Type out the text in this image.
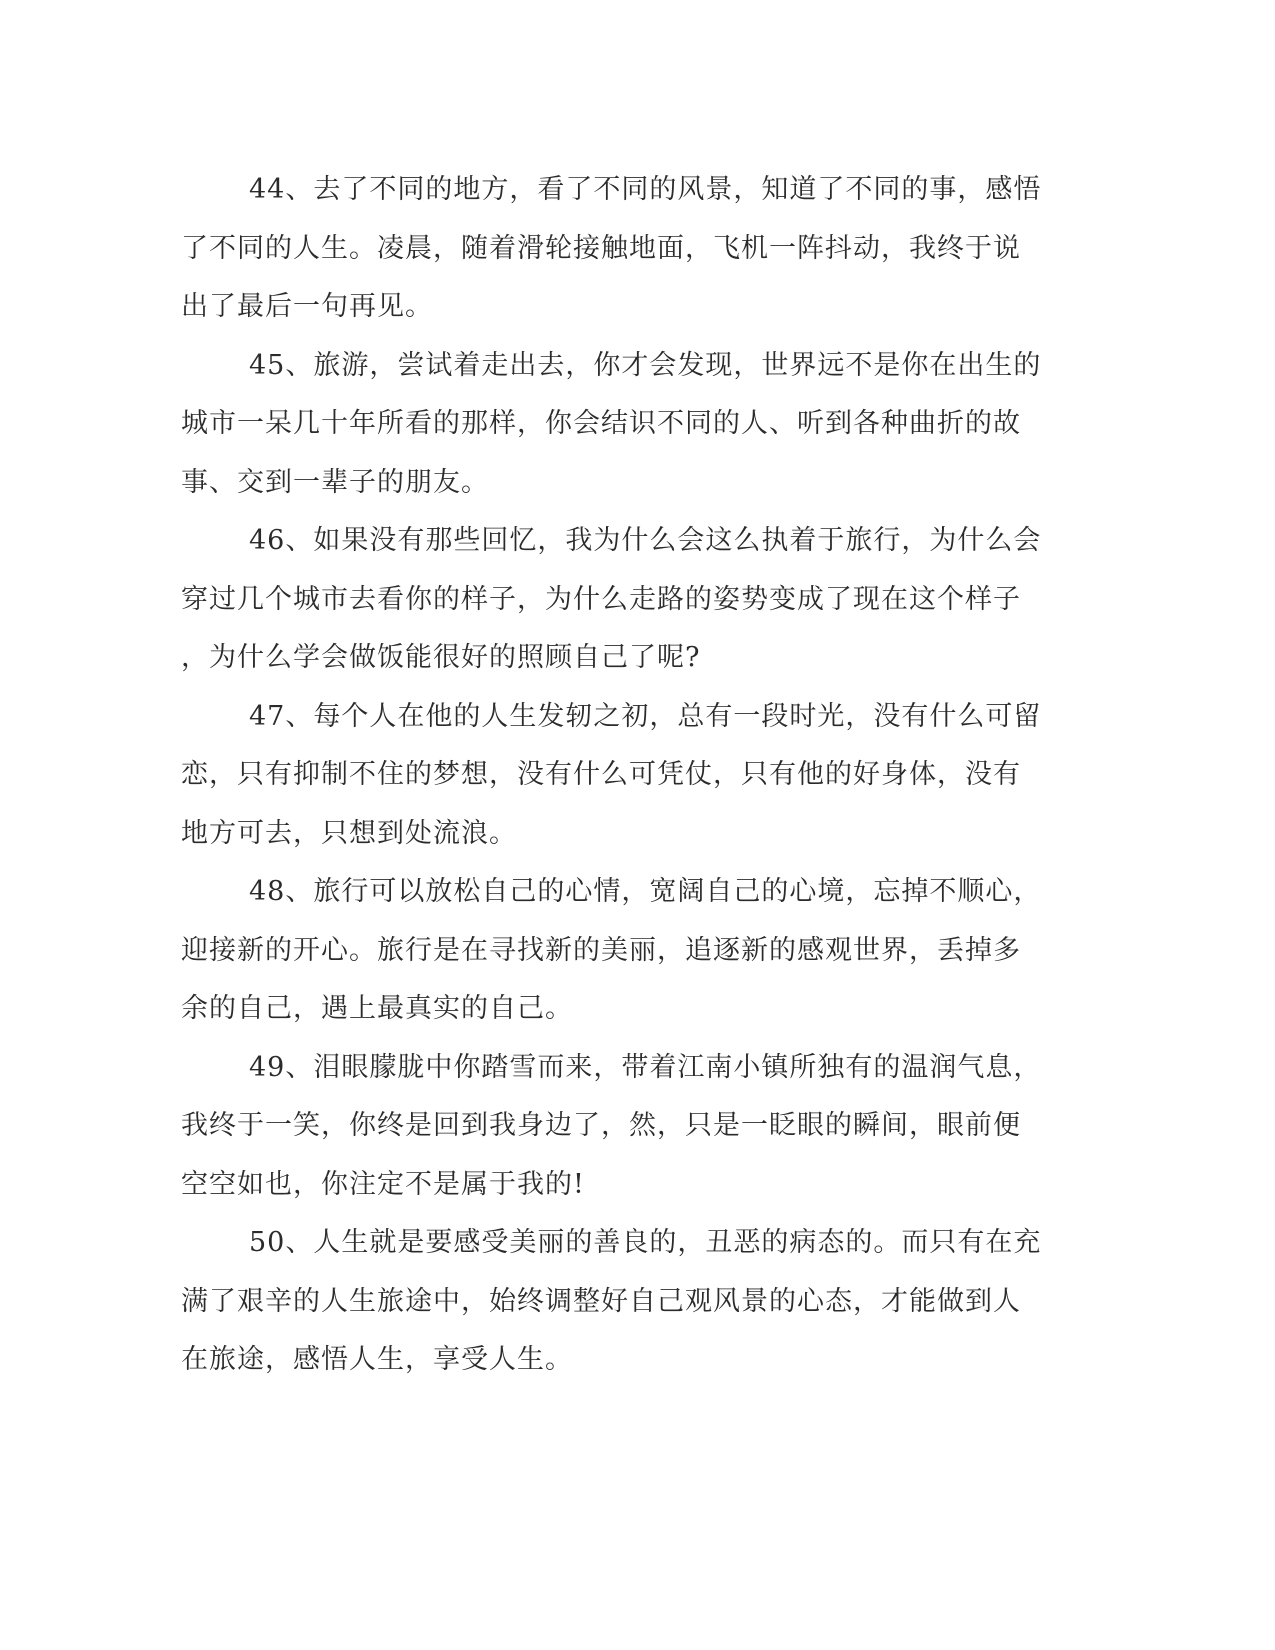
44、去了不同的地方，看了不同的风景，知道了不同的事，感悟
了不同的人生。凌晨，随着滑轮接触地面，飞机一阵抖动，我终于说
出了最后一句再见。

45、旅游，尝试着走出去，你才会发现，世界远不是你在出生的
城市一呆几十年所看的那样，你会结识不同的人、听到各种曲折的故
事、交到一辈子的朋友。

46、如果没有那些回忆，我为什么会这么执着于旅行，为什么会
穿过几个城市去看你的样子，为什么走路的姿势变成了现在这个样子
，为什么学会做饭能很好的照顾自己了呢?

47、每个人在他的人生发轫之初，总有一段时光，没有什么可留
恋，只有抑制不住的梦想，没有什么可凭仗，只有他的好身体，没有
地方可去，只想到处流浪。

48、旅行可以放松自己的心情，宽阔自己的心境，忘掉不顺心，
迎接新的开心。旅行是在寻找新的美丽，追逐新的感观世界，丢掉多
余的自己，遇上最真实的自己。

49、泪眼朦胧中你踏雪而来，带着江南小镇所独有的温润气息，
我终于一笑，你终是回到我身边了，然，只是一眨眼的瞬间，眼前便
空空如也，你注定不是属于我的!

50、人生就是要感受美丽的善良的，丑恶的病态的。而只有在充
满了艰辛的人生旅途中，始终调整好自己观风景的心态，才能做到人
在旅途，感悟人生，享受人生。
